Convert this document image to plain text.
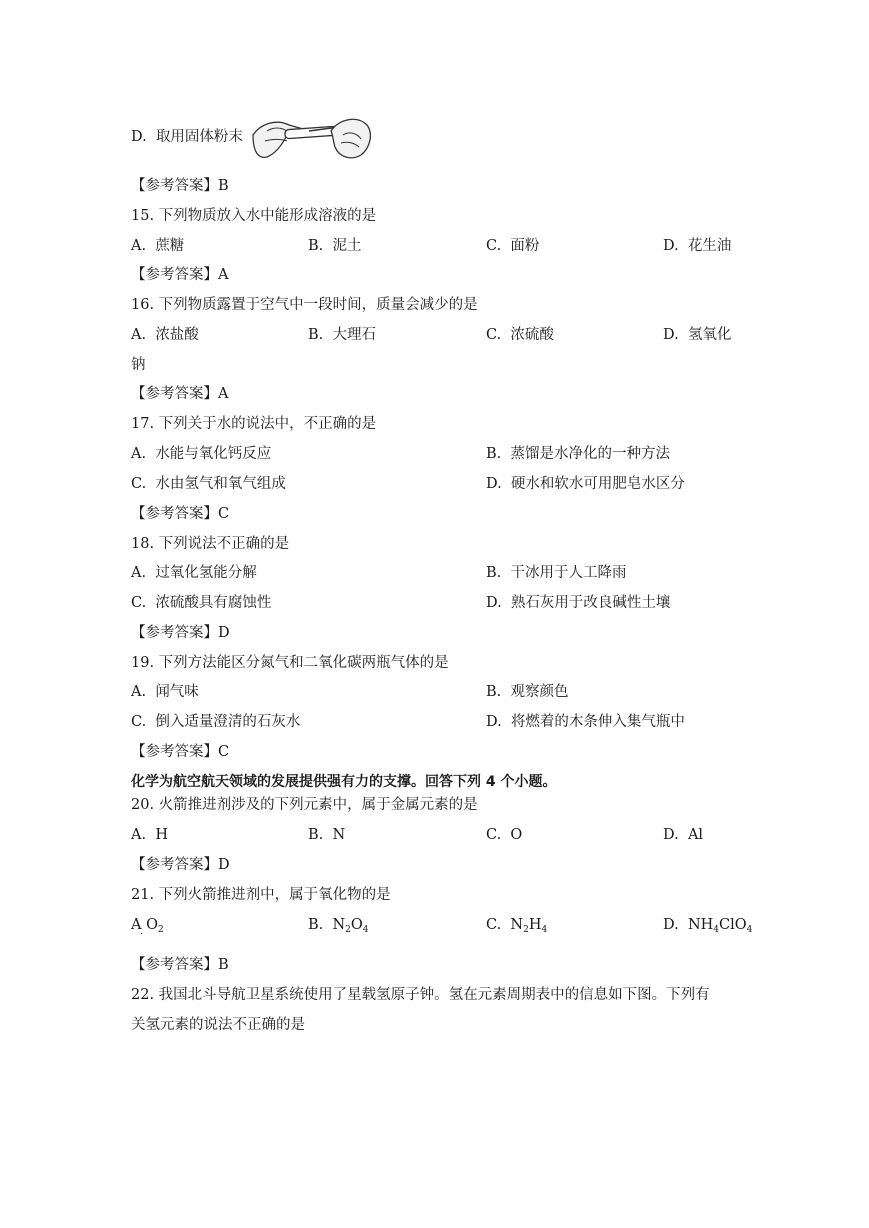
D. 取用固体粉末
【参考答案】B
15. 下列物质放入水中能形成溶液的是
A. 蔗糖	B. 泥土	C. 面粉	D. 花生油
【参考答案】A
16. 下列物质露置于空气中一段时间，质量会减少的是
A. 浓盐酸	B. 大理石	C. 浓硫酸	D. 氢氧化
钠
【参考答案】A
17. 下列关于水的说法中，不正确的是
A. 水能与氧化钙反应	B. 蒸馏是水净化的一种方法
C. 水由氢气和氧气组成	D. 硬水和软水可用肥皂水区分
【参考答案】C
18. 下列说法不正确的是
A. 过氧化氢能分解	B. 干冰用于人工降雨
C. 浓硫酸具有腐蚀性	D. 熟石灰用于改良碱性土壤
【参考答案】D
19. 下列方法能区分氮气和二氧化碳两瓶气体的是
A. 闻气味	B. 观察颜色
C. 倒入适量澄清的石灰水	D. 将燃着的木条伸入集气瓶中
【参考答案】C
化学为航空航天领域的发展提供强有力的支撑。回答下列 4 个小题。
20. 火箭推进剂涉及的下列元素中，属于金属元素的是
A. H	B. N	C. O	D. Al
【参考答案】D
21. 下列火箭推进剂中，属于氧化物的是
A $O_2$
·
B. $N_2O_4$	C. $N_2H_4$	D. $NH_4ClO_4$
【参考答案】B
22. 我国北斗导航卫星系统使用了星载氢原子钟。氢在元素周期表中的信息如下图。下列有
关氢元素的说法不正确的是
